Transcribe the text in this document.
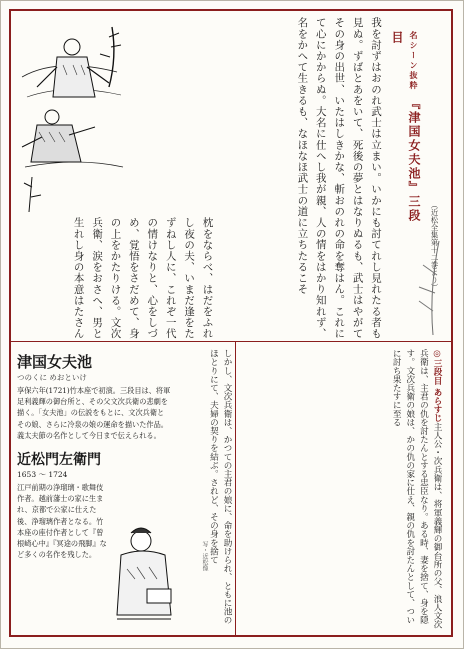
名シーン抜粋 『津国女夫池』三段目
（近松全集第十二巻より）

我を討ずはおのれ武士は立まい。いかにも討てれし見れたる者も見ぬ。ずばとあをいて、死後の夢とはなりぬるも、武士はやがてその身の出世、いたはしきかな、斬おのれの命を奪はん。これにて心にかからぬ。大名に仕へし我が親、人の情をはかり知れず、名をかへて生きるも、なほなほ武士の道に立ちたるこそ

枕をならべ、はだをふれし夜の夫、いまだ逢をたずねし人に、これぞ一代の情けなりと、心をしづめ、覚悟をさだめて、身の上をかたりける。文次兵衛、涙をおさへ、男と生れし身の本意はたさん

◎三段目 あらすじ主人公・次兵衛は、将軍義輝の御台所の父、浪人文次兵衛は、主君の仇を討たんとする忠臣なり。ある時、妻を捨て、身を隠す。文次兵衛の娘は、かの仇の家に仕え、親の仇を討たんとして、ついに討ち果たすに至る
しかし、文次兵衛は、かつての主君の娘に、命を助けられ、ともに池のほとりにて、夫婦の契りを結ぶ。されど、その身を捨て
写・近松像

津国女夫池

つのくに めおといけ

享保六年(1721)竹本座で初演。三段目は、将軍足利義輝の御台所と、その父文次兵衛の悲劇を描く。「女夫池」の伝説をもとに、文次兵衛とその娘、さらに冷泉の娘の運命を描いた作品。義太夫節の名作として今日まで伝えられる。

近松門左衛門

1653 ～ 1724

江戸前期の浄瑠璃・歌舞伎作者。越前藩士の家に生まれ、京都で公家に仕えた後、浄瑠璃作者となる。竹本座の座付作者として『曾根崎心中』『冥途の飛脚』など多くの名作を残した。
